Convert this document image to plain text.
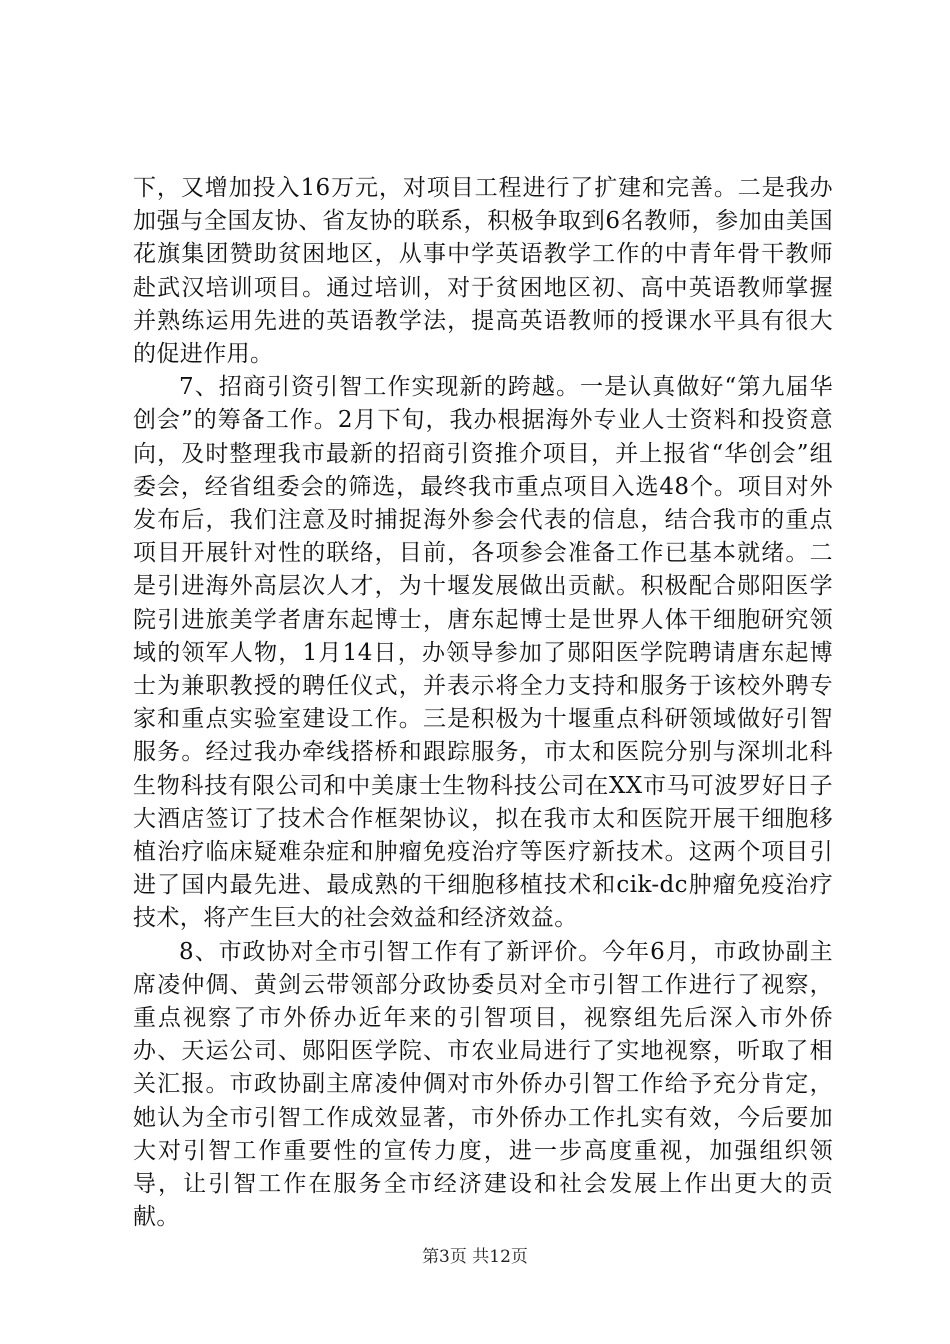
下，又增加投入16万元，对项目工程进行了扩建和完善。二是我办加强与全国友协、省友协的联系，积极争取到6名教师，参加由美国花旗集团赞助贫困地区，从事中学英语教学工作的中青年骨干教师赴武汉培训项目。通过培训，对于贫困地区初、高中英语教师掌握并熟练运用先进的英语教学法，提高英语教师的授课水平具有很大的促进作用。

7、招商引资引智工作实现新的跨越。一是认真做好“第九届华创会”的筹备工作。2月下旬，我办根据海外专业人士资料和投资意向，及时整理我市最新的招商引资推介项目，并上报省“华创会”组委会，经省组委会的筛选，最终我市重点项目入选48个。项目对外发布后，我们注意及时捕捉海外参会代表的信息，结合我市的重点项目开展针对性的联络，目前，各项参会准备工作已基本就绪。二是引进海外高层次人才，为十堰发展做出贡献。积极配合郧阳医学院引进旅美学者唐东起博士，唐东起博士是世界人体干细胞研究领域的领军人物，1月14日，办领导参加了郧阳医学院聘请唐东起博士为兼职教授的聘任仪式，并表示将全力支持和服务于该校外聘专家和重点实验室建设工作。三是积极为十堰重点科研领域做好引智服务。经过我办牵线搭桥和跟踪服务，市太和医院分别与深圳北科生物科技有限公司和中美康士生物科技公司在XX市马可波罗好日子大酒店签订了技术合作框架协议，拟在我市太和医院开展干细胞移植治疗临床疑难杂症和肿瘤免疫治疗等医疗新技术。这两个项目引进了国内最先进、最成熟的干细胞移植技术和cik-dc肿瘤免疫治疗技术，将产生巨大的社会效益和经济效益。

8、市政协对全市引智工作有了新评价。今年6月，市政协副主席凌仲倜、黄剑云带领部分政协委员对全市引智工作进行了视察，重点视察了市外侨办近年来的引智项目，视察组先后深入市外侨办、天运公司、郧阳医学院、市农业局进行了实地视察，听取了相关汇报。市政协副主席凌仲倜对市外侨办引智工作给予充分肯定，她认为全市引智工作成效显著，市外侨办工作扎实有效，今后要加大对引智工作重要性的宣传力度，进一步高度重视，加强组织领导，让引智工作在服务全市经济建设和社会发展上作出更大的贡献。

第3页 共12页
